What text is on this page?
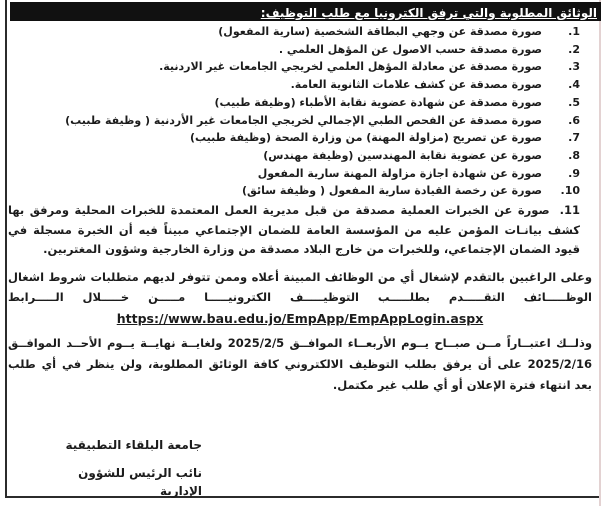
الوثائق المطلوبة والتي ترفق الكترونيا مع طلب التوظيف:
1.
صورة مصدقة عن وجهي البطاقة الشخصية (سارية المفعول)
2.
صورة مصدقة حسب الاصول عن المؤهل العلمي .
3.
صورة مصدقة عن معادلة المؤهل العلمي لخريجي الجامعات غير الاردنية.
4.
صورة مصدقة عن كشف علامات الثانوية العامة.
5.
صورة مصدقة عن شهادة عضوية نقابة الأطباء (وظيفة طبيب)
6.
صورة مصدقة عن الفحص الطبي الإجمالي لخريجي الجامعات غير الأردنية ( وظيفة طبيب)
7.
صورة عن تصريح (مزاولة المهنة) من وزارة الصحة (وظيفة طبيب)
8.
صورة عن عضوية نقابة المهندسين (وظيفة مهندس)
9.
صورة عن شهادة اجازة مزاولة المهنة سارية المفعول
10.
صورة عن رخصة القيادة سارية المفعول ( وظيفة سائق)
11.صورة عن الخبرات العملية مصدقة من قبل مديرية العمل المعتمدة للخبرات المحلية ومرفق بها كشف بيانـات المؤمن عليه من المؤسسة العامة للضمان الإجتماعي مبيناً فيه أن الخبرة مسجلة في قيود الضمان الإجتماعي، وللخبرات من خارج البلاد مصدقة من وزارة الخارجية وشؤون المغتربين.
وعلى الراغبين بالتقدم لإشغال أي من الوظائف المبينة أعلاه وممن تتوفر لديهم متطلبات شروط اشغال
الوظـــــائف التقـــــدم بطلـــــب التوظيـــــف الكترونيـــــا مـــــن خـــــلال الـــــرابط
https://www.bau.edu.jo/EmpApp/EmpAppLogin.aspx
وذلــك اعتبــاراً مــن صبــاح يــوم الأربعــاء الموافــق 2025/2/5 ولغايــة نهايــة يــوم الأحــد الموافــق
2025/2/16 على أن يرفق بطلب التوظيف الالكتروني كافة الوثائق المطلوبة، ولن ينظر في أي طلب
بعد انتهاء فترة الإعلان أو أي طلب غير مكتمل.
جامعة البلقاء التطبيقية
نائب الرئيس للشؤون الإدارية
